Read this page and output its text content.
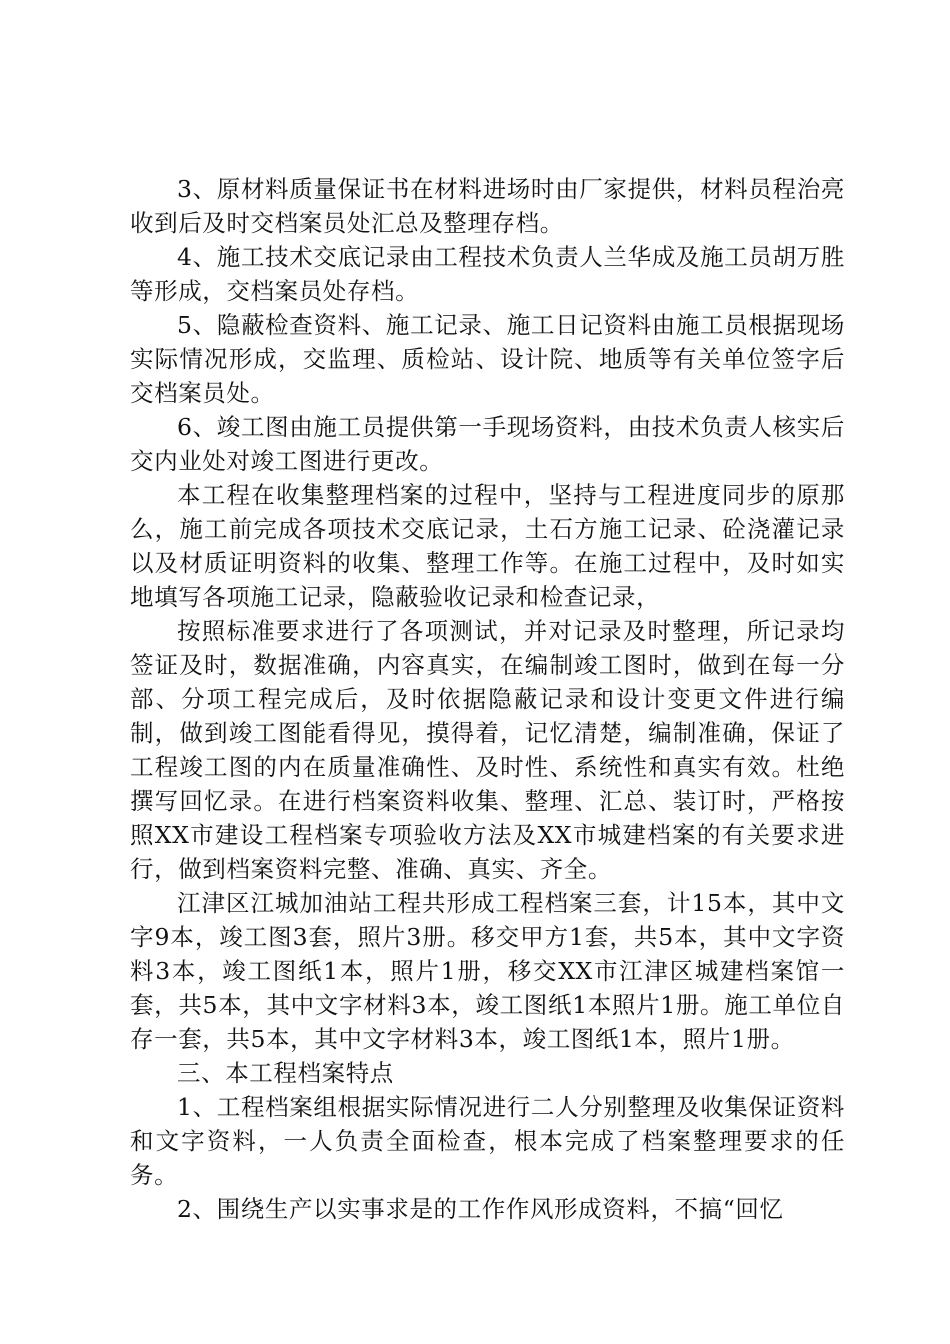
3、原材料质量保证书在材料进场时由厂家提供，材料员程治亮收到后及时交档案员处汇总及整理存档。

4、施工技术交底记录由工程技术负责人兰华成及施工员胡万胜等形成，交档案员处存档。

5、隐蔽检查资料、施工记录、施工日记资料由施工员根据现场实际情况形成，交监理、质检站、设计院、地质等有关单位签字后交档案员处。

6、竣工图由施工员提供第一手现场资料，由技术负责人核实后交内业处对竣工图进行更改。

本工程在收集整理档案的过程中，坚持与工程进度同步的原那么，施工前完成各项技术交底记录，土石方施工记录、砼浇灌记录以及材质证明资料的收集、整理工作等。在施工过程中，及时如实地填写各项施工记录，隐蔽验收记录和检查记录，

按照标准要求进行了各项测试，并对记录及时整理，所记录均签证及时，数据准确，内容真实，在编制竣工图时，做到在每一分部、分项工程完成后，及时依据隐蔽记录和设计变更文件进行编制，做到竣工图能看得见，摸得着，记忆清楚，编制准确，保证了工程竣工图的内在质量准确性、及时性、系统性和真实有效。杜绝撰写回忆录。在进行档案资料收集、整理、汇总、装订时，严格按照XX市建设工程档案专项验收方法及XX市城建档案的有关要求进行，做到档案资料完整、准确、真实、齐全。

江津区江城加油站工程共形成工程档案三套，计15本，其中文字9本，竣工图3套，照片3册。移交甲方1套，共5本，其中文字资料3本，竣工图纸1本，照片1册，移交XX市江津区城建档案馆一套，共5本，其中文字材料3本，竣工图纸1本照片1册。施工单位自存一套，共5本，其中文字材料3本，竣工图纸1本，照片1册。

三、本工程档案特点

1、工程档案组根据实际情况进行二人分别整理及收集保证资料和文字资料，一人负责全面检查，根本完成了档案整理要求的任务。

2、围绕生产以实事求是的工作作风形成资料，不搞“回忆
